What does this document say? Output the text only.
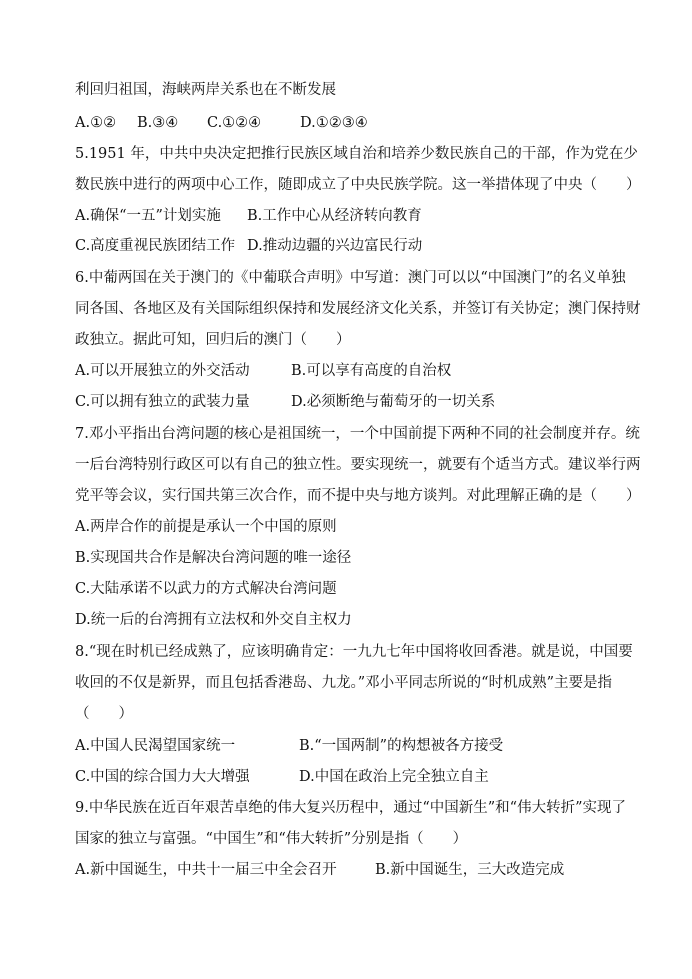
利回归祖国，海峡两岸关系也在不断发展
A.①② B.③④ C.①②④	D.①②③④
5.1951 年，中共中央决定把推行民族区域自治和培养少数民族自己的干部，作为党在少
数民族中进行的两项中心工作，随即成立了中央民族学院。这一举措体现了中央（　　）
A.确保“一五”计划实施 B.工作中心从经济转向教育
C.高度重视民族团结工作 D.推动边疆的兴边富民行动
6.中葡两国在关于澳门的《中葡联合声明》中写道：澳门可以以“中国澳门”的名义单独
同各国、各地区及有关国际组织保持和发展经济文化关系，并签订有关协定；澳门保持财
政独立。据此可知，回归后的澳门（　　）
A.可以开展独立的外交活动	B.可以享有高度的自治权
C.可以拥有独立的武装力量	D.必须断绝与葡萄牙的一切关系
7.邓小平指出台湾问题的核心是祖国统一，一个中国前提下两种不同的社会制度并存。统
一后台湾特别行政区可以有自己的独立性。要实现统一，就要有个适当方式。建议举行两
党平等会议，实行国共第三次合作，而不提中央与地方谈判。对此理解正确的是（　　）
A.两岸合作的前提是承认一个中国的原则
B.实现国共合作是解决台湾问题的唯一途径
C.大陆承诺不以武力的方式解决台湾问题
D.统一后的台湾拥有立法权和外交自主权力
8.“现在时机已经成熟了，应该明确肯定：一九九七年中国将收回香港。就是说，中国要
收回的不仅是新界，而且包括香港岛、九龙。”邓小平同志所说的“时机成熟”主要是指
（　　）
A.中国人民渴望国家统一	B.“一国两制”的构想被各方接受
C.中国的综合国力大大增强	D.中国在政治上完全独立自主
9.中华民族在近百年艰苦卓绝的伟大复兴历程中，通过“中国新生”和“伟大转折”实现了
国家的独立与富强。“中国生”和“伟大转折”分别是指（　　）
A.新中国诞生，中共十一届三中全会召开	B.新中国诞生，三大改造完成
